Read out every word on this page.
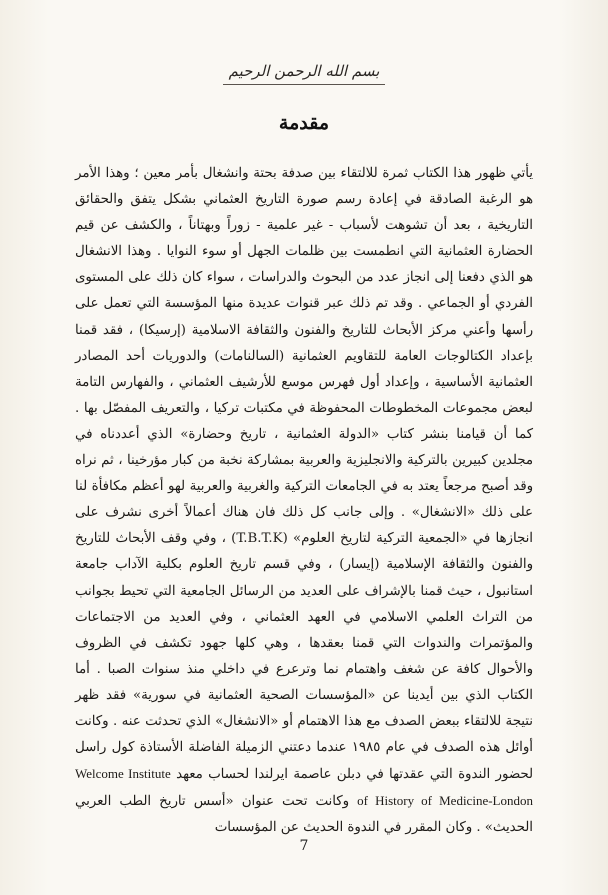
بسم الله الرحمن الرحيم
مقدمة
يأتي ظهور هذا الكتاب ثمرة للالتقاء بين صدفة بحتة وانشغال بأمر معين ؛ وهذا الأمر هو الرغبة الصادقة في إعادة رسم صورة التاريخ العثماني بشكل يتفق والحقائق التاريخية ، بعد أن تشوهت لأسباب - غير علمية - زوراً وبهتاناً ، والكشف عن قيم الحضارة العثمانية التي انطمست بين ظلمات الجهل أو سوء النوايا . وهذا الانشغال هو الذي دفعنا إلى انجاز عدد من البحوث والدراسات ، سواء كان ذلك على المستوى الفردي أو الجماعي . وقد تم ذلك عبر قنوات عديدة منها المؤسسة التي تعمل على رأسها وأعني مركز الأبحاث للتاريخ والفنون والثقافة الاسلامية (إرسيكا) ، فقد قمنا بإعداد الكتالوجات العامة للتقاويم العثمانية (السالنامات) والدوريات أحد المصادر العثمانية الأساسية ، وإعداد أول فهرس موسع للأرشيف العثماني ، والفهارس التامة لبعض مجموعات المخطوطات المحفوظة في مكتبات تركيا ، والتعريف المفصّل بها . كما أن قيامنا بنشر كتاب «الدولة العثمانية ، تاريخ وحضارة» الذي أعددناه في مجلدين كبيرين بالتركية والانجليزية والعربية بمشاركة نخبة من كبار مؤرخينا ، ثم نراه وقد أصبح مرجعاً يعتد به في الجامعات التركية والغربية والعربية لهو أعظم مكافأة لنا على ذلك «الانشغال» . وإلى جانب كل ذلك فان هناك أعمالاً أخرى نشرف على انجازها في «الجمعية التركية لتاريخ العلوم» (T.B.T.K) ، وفي وقف الأبحاث للتاريخ والفنون والثقافة الإسلامية (إيسار) ، وفي قسم تاريخ العلوم بكلية الآداب جامعة استانبول ، حيث قمنا بالإشراف على العديد من الرسائل الجامعية التي تحيط بجوانب من التراث العلمي الاسلامي في العهد العثماني ، وفي العديد من الاجتماعات والمؤتمرات والندوات التي قمنا بعقدها ، وهي كلها جهود تكشف في الظروف والأحوال كافة عن شغف واهتمام نما وترعرع في داخلي منذ سنوات الصبا . أما الكتاب الذي بين أيدينا عن «المؤسسات الصحية العثمانية في سورية» فقد ظهر نتيجة للالتقاء ببعض الصدف مع هذا الاهتمام أو «الانشغال» الذي تحدثت عنه . وكانت أوائل هذه الصدف في عام ١٩٨٥ عندما دعتني الزميلة الفاضلة الأستاذة كول راسل لحضور الندوة التي عقدتها في دبلن عاصمة ايرلندا لحساب معهد Welcome Institute of History of Medicine-London وكانت تحت عنوان «أسس تاريخ الطب العربي الحديث» . وكان المقرر في الندوة الحديث عن المؤسسات
7
